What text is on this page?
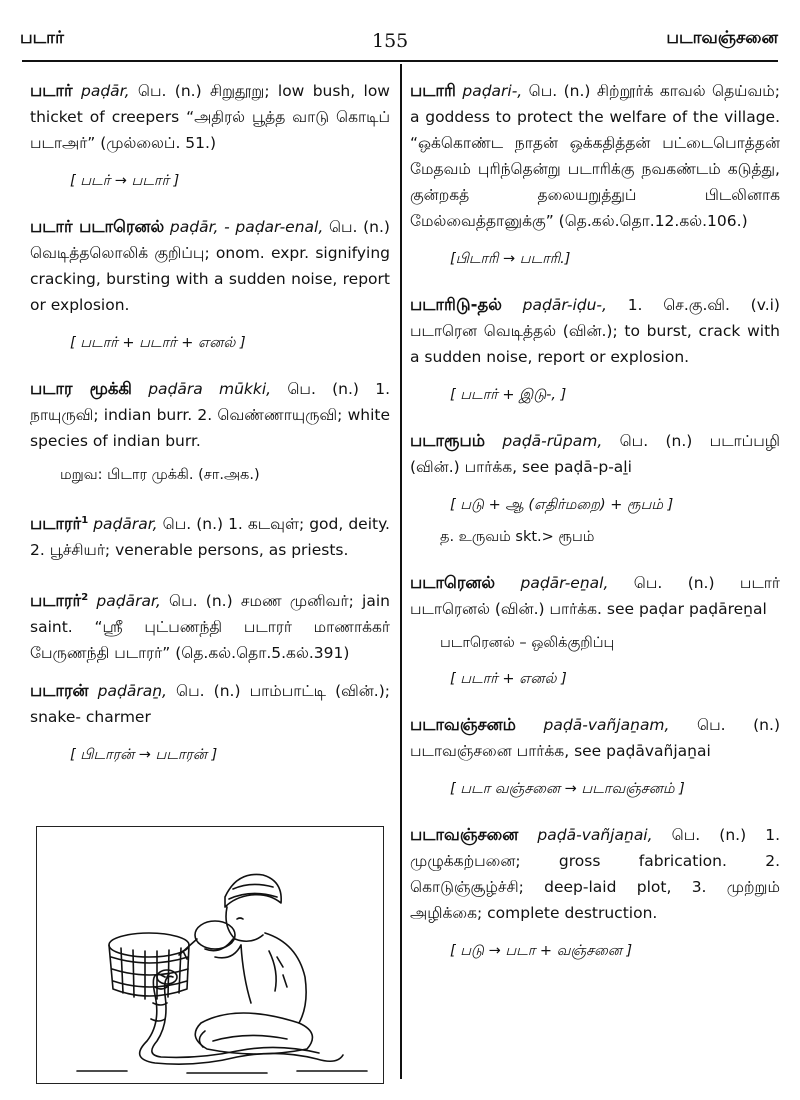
படார்	155	படாவஞ்சனை
படார் paḍār, பெ. (n.) சிறுதூறு; low bush, low thicket of creepers “அதிரல் பூத்த வாடு கொடிப் படாஅர்” (முல்லைப். 51.)
[ படர் → படார் ]
படார் படாரெனல் paḍār, - paḍar-enal, பெ. (n.) வெடித்தலொலிக் குறிப்பு; onom. expr. signifying cracking, bursting with a sudden noise, report or explosion.
[ படார் + படார் + எனல் ]
படார மூக்கி paḍāra mūkki, பெ. (n.) 1. நாயுருவி; indian burr. 2. வெண்ணாயுருவி; white species of indian burr.
மறுவ: பிடார முக்கி. (சா.அக.)
படாரர்$^1$ paḍārar, பெ. (n.) 1. கடவுள்; god, deity. 2. பூச்சியர்; venerable persons, as priests.
படாரர்$^2$ paḍārar, பெ. (n.) சமண முனிவர்; jain saint. “ஸ்ரீ புட்பணந்தி படாரர் மாணாக்கர் பேருணந்தி படாரர்” (தெ.கல்.தொ.5.கல்.391)
படாரன் paḍāraṉ, பெ. (n.) பாம்பாட்டி (வின்.); snake- charmer
[ பிடாரன் → படாரன் ]
படாரி paḍari-, பெ. (n.) சிற்றூர்க் காவல் தெய்வம்; a goddess to protect the welfare of the village. “ஒக்கொண்ட நாதன் ஒக்கதித்தன் பட்டைபொத்தன் மேதவம் புரிந்தென்று படாரிக்கு நவகண்டம் கடுத்து, குன்றகத் தலையறுத்துப் பிடலினாக மேல்வைத்தானுக்கு” (தெ.கல்.தொ.12.கல்.106.)
[பிடாரி → படாரி.]
படாரிடு-தல் paḍār-iḍu-, 1. செ.கு.வி. (v.i) படாரென வெடித்தல் (வின்.); to burst, crack with a sudden noise, report or explosion.
[ படார் + இடு-, ]
படாரூபம் paḍā-rūpam, பெ. (n.) படாப்பழி (வின்.) பார்க்க, see paḍā-p-aḻi
[ படு + ஆ (எதிர்மறை) + ரூபம் ]
த. உருவம் skt.> ரூபம்
படாரெனல் paḍār-eṉal, பெ. (n.) படார் படாரெனல் (வின்.) பார்க்க. see paḍar paḍāreṉal
படாரெனல் – ஒலிக்குறிப்பு
[ படார் + எனல் ]
படாவஞ்சனம் paḍā-vañjaṉam, பெ. (n.) படாவஞ்சனை பார்க்க, see paḍāvañjaṉai
[ படா வஞ்சனை → படாவஞ்சனம் ]
படாவஞ்சனை paḍā-vañjaṉai, பெ. (n.) 1. முழுக்கற்பனை; gross fabrication. 2. கொடுஞ்சூழ்ச்சி; deep-laid plot, 3. முற்றும் அழிக்கை; complete destruction.
[ படு → படா + வஞ்சனை ]
